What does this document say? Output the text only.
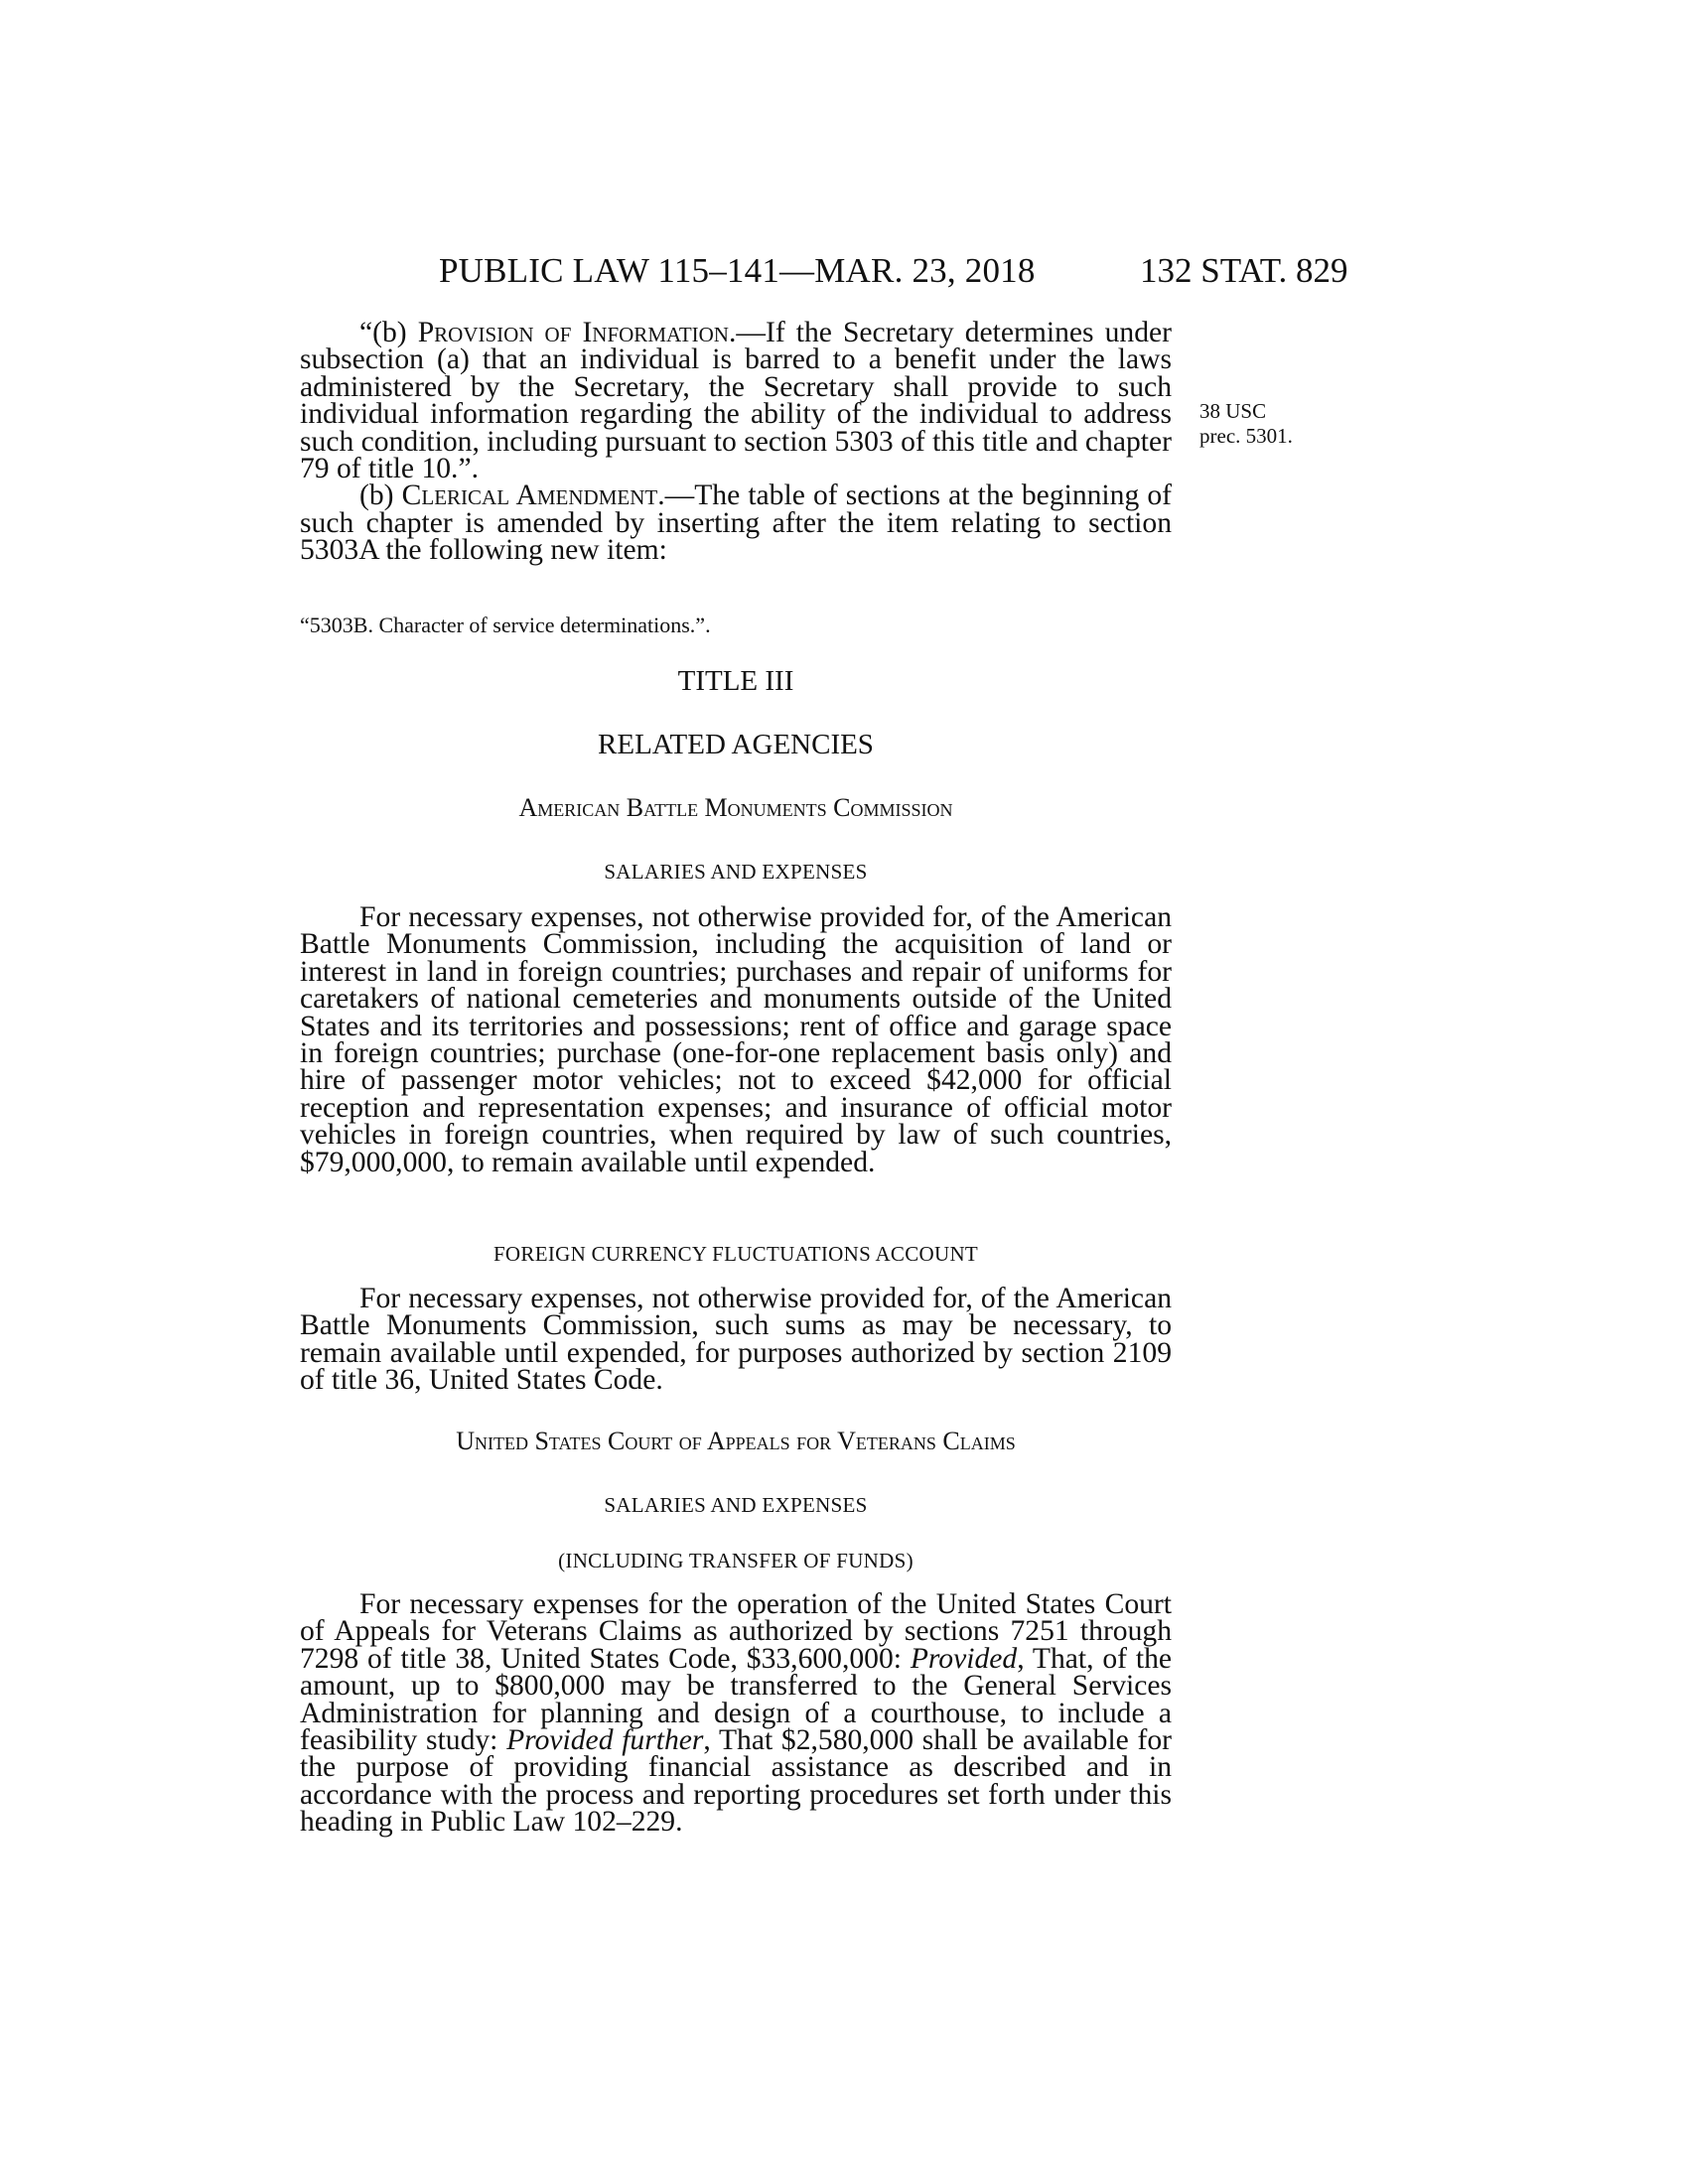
PUBLIC LAW 115–141—MAR. 23, 2018	132 STAT. 829

“(b) Provision of Information.—If the Secretary determines under subsection (a) that an individual is barred to a benefit under the laws administered by the Secretary, the Secretary shall provide to such individual information regarding the ability of the individual to address such condition, including pursuant to section 5303 of this title and chapter 79 of title 10.”.

(b) Clerical Amendment.—The table of sections at the beginning of such chapter is amended by inserting after the item relating to section 5303A the following new item:

38 USC
prec. 5301.
“5303B. Character of service determinations.”.
TITLE III
RELATED AGENCIES
American Battle Monuments Commission
SALARIES AND EXPENSES

For necessary expenses, not otherwise provided for, of the American Battle Monuments Commission, including the acquisition of land or interest in land in foreign countries; purchases and repair of uniforms for caretakers of national cemeteries and monuments outside of the United States and its territories and possessions; rent of office and garage space in foreign countries; purchase (one-for-one replacement basis only) and hire of passenger motor vehicles; not to exceed $42,000 for official reception and representation expenses; and insurance of official motor vehicles in foreign countries, when required by law of such countries, $79,000,000, to remain available until expended.

FOREIGN CURRENCY FLUCTUATIONS ACCOUNT

For necessary expenses, not otherwise provided for, of the American Battle Monuments Commission, such sums as may be necessary, to remain available until expended, for purposes authorized by section 2109 of title 36, United States Code.

United States Court of Appeals for Veterans Claims
SALARIES AND EXPENSES
(INCLUDING TRANSFER OF FUNDS)

For necessary expenses for the operation of the United States Court of Appeals for Veterans Claims as authorized by sections 7251 through 7298 of title 38, United States Code, $33,600,000: Provided, That, of the amount, up to $800,000 may be transferred to the General Services Administration for planning and design of a courthouse, to include a feasibility study: Provided further, That $2,580,000 shall be available for the purpose of providing financial assistance as described and in accordance with the process and reporting procedures set forth under this heading in Public Law 102–229.
